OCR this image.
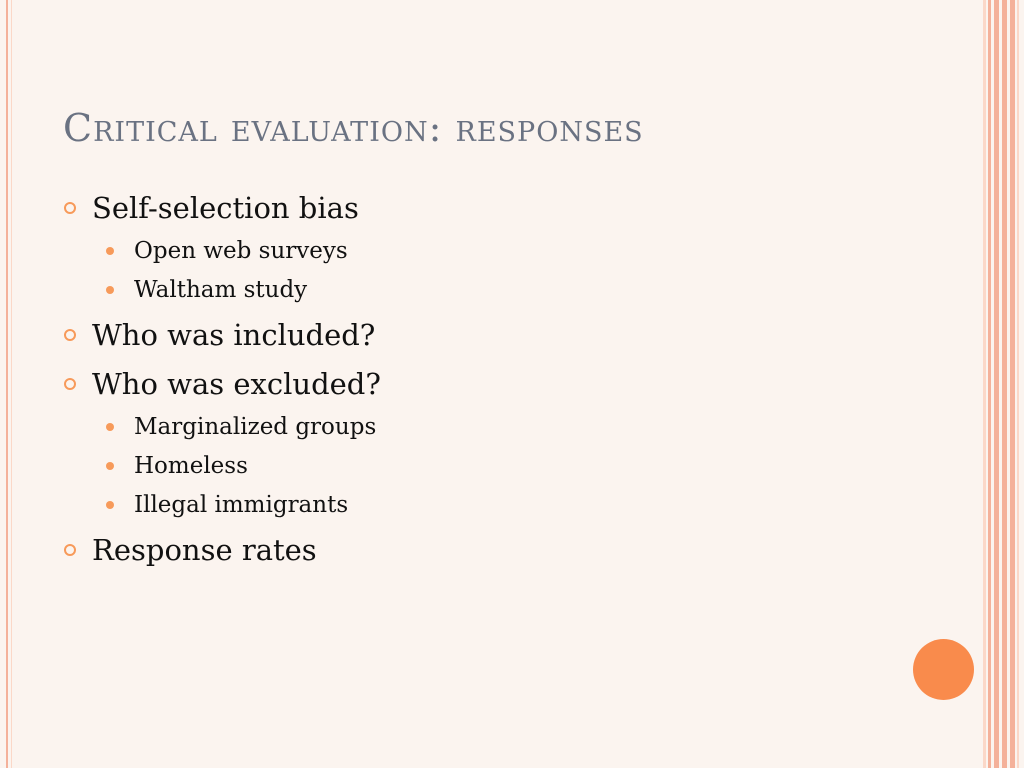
Critical evaluation: responses
Self-selection bias
Open web surveys
Waltham study
Who was included?
Who was excluded?
Marginalized groups
Homeless
Illegal immigrants
Response rates
